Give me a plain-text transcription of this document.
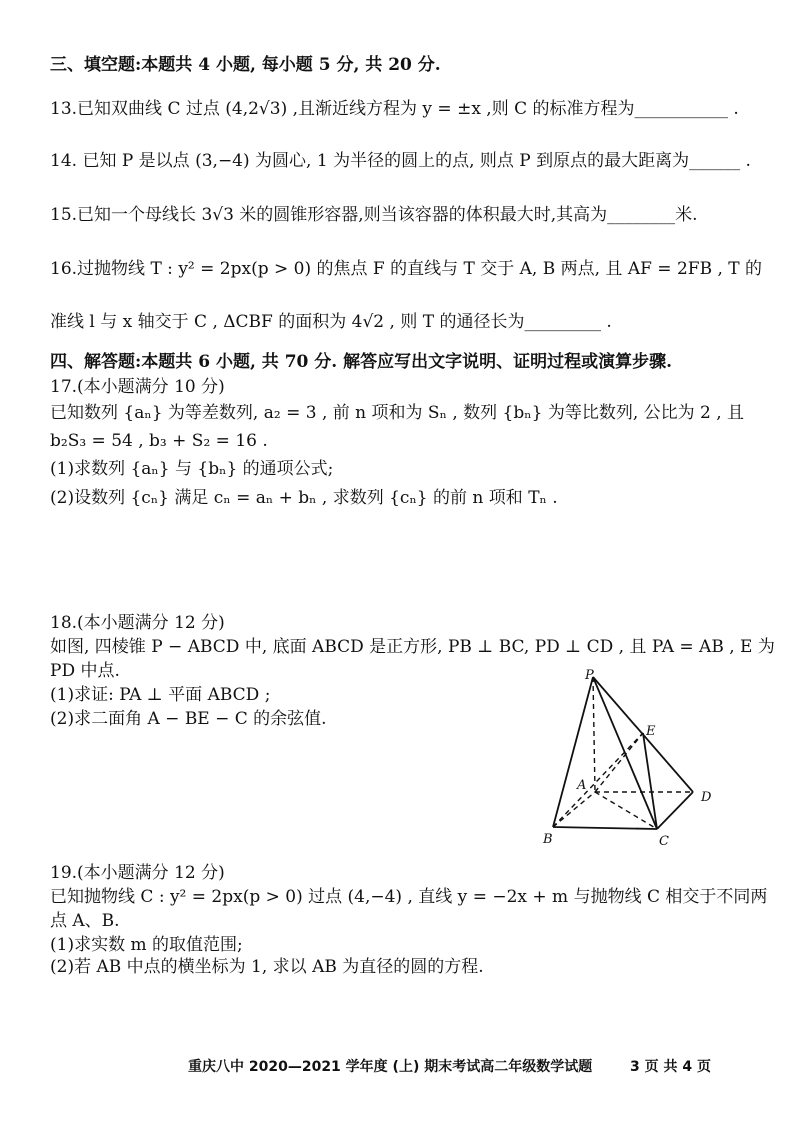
三、填空题:本题共 4 小题, 每小题 5 分, 共 20 分.
13.已知双曲线 C 过点 (4,2√3) ,且渐近线方程为 y = ±x ,则 C 的标准方程为___________ .
14. 已知 P 是以点 (3,−4) 为圆心, 1 为半径的圆上的点, 则点 P 到原点的最大距离为______ .
15.已知一个母线长 3√3 米的圆锥形容器,则当该容器的体积最大时,其高为________米.
16.过抛物线 T : y² = 2px(p > 0) 的焦点 F 的直线与 T 交于 A, B 两点, 且 AF = 2FB , T 的
准线 l 与 x 轴交于 C , ΔCBF 的面积为 4√2 , 则 T 的通径长为_________ .
四、解答题:本题共 6 小题, 共 70 分. 解答应写出文字说明、证明过程或演算步骤.
17.(本小题满分 10 分)
已知数列 {aₙ} 为等差数列, a₂ = 3 , 前 n 项和为 Sₙ , 数列 {bₙ} 为等比数列, 公比为 2 , 且
b₂S₃ = 54 , b₃ + S₂ = 16 .
(1)求数列 {aₙ} 与 {bₙ} 的通项公式;
(2)设数列 {cₙ} 满足 cₙ = aₙ + bₙ , 求数列 {cₙ} 的前 n 项和 Tₙ .
18.(本小题满分 12 分)
如图, 四棱锥 P − ABCD 中, 底面 ABCD 是正方形, PB ⊥ BC, PD ⊥ CD , 且 PA = AB , E 为
PD 中点.
(1)求证: PA ⊥ 平面 ABCD ;
(2)求二面角 A − BE − C 的余弦值.
P
E
A
D
B	C
19.(本小题满分 12 分)
已知抛物线 C : y² = 2px(p > 0) 过点 (4,−4) , 直线 y = −2x + m 与抛物线 C 相交于不同两
点 A、B.
(1)求实数 m 的取值范围;
(2)若 AB 中点的横坐标为 1, 求以 AB 为直径的圆的方程.
重庆八中 2020—2021 学年度 (上) 期末考试高二年级数学试题	3 页 共 4 页
